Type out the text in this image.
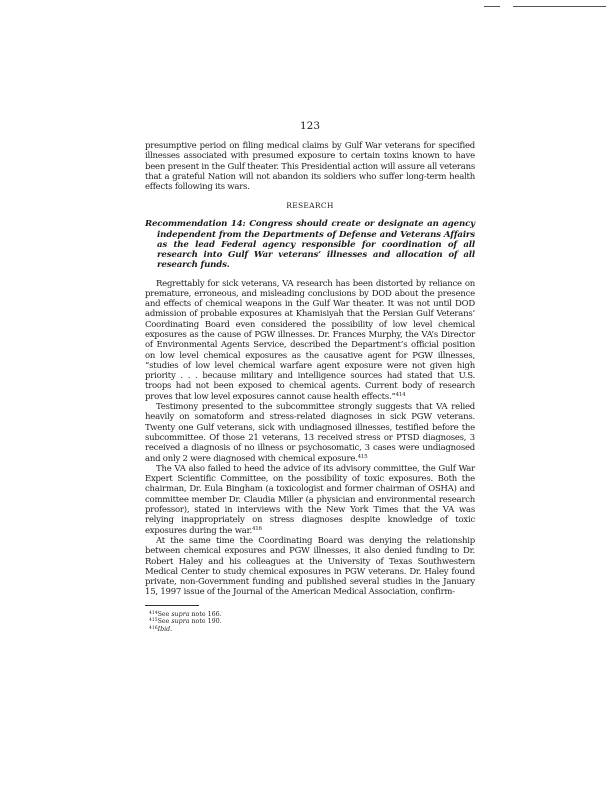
123

presumptive period on filing medical claims by Gulf War veterans for specified illnesses associated with presumed exposure to certain toxins known to have been present in the Gulf theater. This Presidential action will assure all veterans that a grateful Nation will not abandon its soldiers who suffer long-term health effects following its wars.

RESEARCH
Recommendation 14: Congress should create or designate an agency independent from the Departments of Defense and Veterans Affairs as the lead Federal agency responsible for coordination of all research into Gulf War veterans’ illnesses and allocation of all research funds.

Regrettably for sick veterans, VA research has been distorted by reliance on premature, erroneous, and misleading conclusions by DOD about the presence and effects of chemical weapons in the Gulf War theater. It was not until DOD admission of probable exposures at Khamisiyah that the Persian Gulf Veterans’ Coordinating Board even considered the possibility of low level chemical exposures as the cause of PGW illnesses. Dr. Frances Murphy, the VA’s Director of Environmental Agents Service, described the Department’s official position on low level chemical exposures as the causative agent for PGW illnesses, “studies of low level chemical warfare agent exposure were not given high priority . . . because military and intelligence sources had stated that U.S. troops had not been exposed to chemical agents. Current body of research proves that low level exposures cannot cause health effects.”$^{414}$

Testimony presented to the subcommittee strongly suggests that VA relied heavily on somatoform and stress-related diagnoses in sick PGW veterans. Twenty one Gulf veterans, sick with undiagnosed illnesses, testified before the subcommittee. Of those 21 veterans, 13 received stress or PTSD diagnoses, 3 received a diagnosis of no illness or psychosomatic, 3 cases were undiagnosed and only 2 were diagnosed with chemical exposure.$^{415}$

The VA also failed to heed the advice of its advisory committee, the Gulf War Expert Scientific Committee, on the possibility of toxic exposures. Both the chairman, Dr. Eula Bingham (a toxicologist and former chairman of OSHA) and committee member Dr. Claudia Miller (a physician and environmental research professor), stated in interviews with the New York Times that the VA was relying inappropriately on stress diagnoses despite knowledge of toxic exposures during the war.$^{416}$

At the same time the Coordinating Board was denying the relationship between chemical exposures and PGW illnesses, it also denied funding to Dr. Robert Haley and his colleagues at the University of Texas Southwestern Medical Center to study chemical exposures in PGW veterans. Dr. Haley found private, non-Government funding and published several studies in the January 15, 1997 issue of the Journal of the American Medical Association, confirm-

$^{414}$See supra note 166.
$^{415}$See supra note 190.
$^{416}$Ibid.
